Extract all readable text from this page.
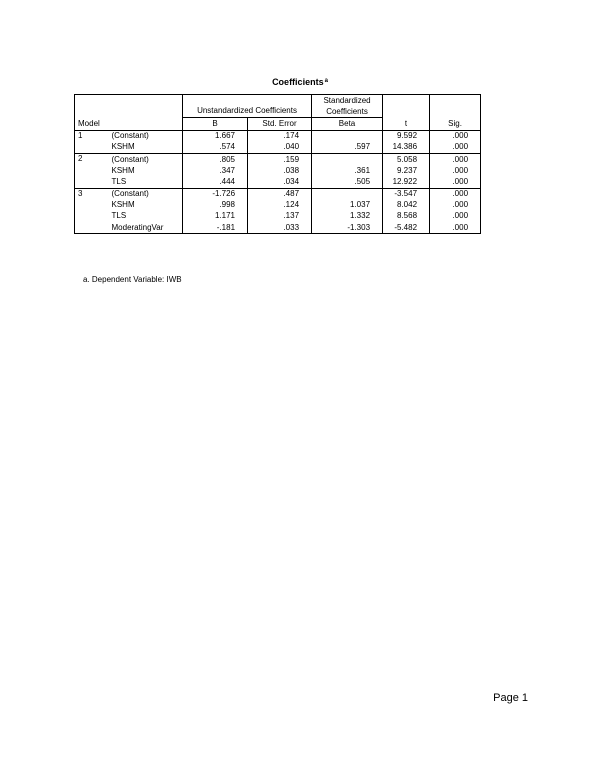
Coefficients$^a$
Model		Unstandardized Coefficients		Standardized	t	Sig.
				Coefficients		
		B	Std. Error	Beta		
1	(Constant)	1.667	.174		9.592	.000
	KSHM	.574	.040	.597	14.386	.000
2	(Constant)	.805	.159		5.058	.000
	KSHM	.347	.038	.361	9.237	.000
	TLS	.444	.034	.505	12.922	.000
3	(Constant)	-1.726	.487		-3.547	.000
	KSHM	.998	.124	1.037	8.042	.000
	TLS	1.171	.137	1.332	8.568	.000
	ModeratingVar	-.181	.033	-1.303	-5.482	.000
a. Dependent Variable: IWB
Page 1
